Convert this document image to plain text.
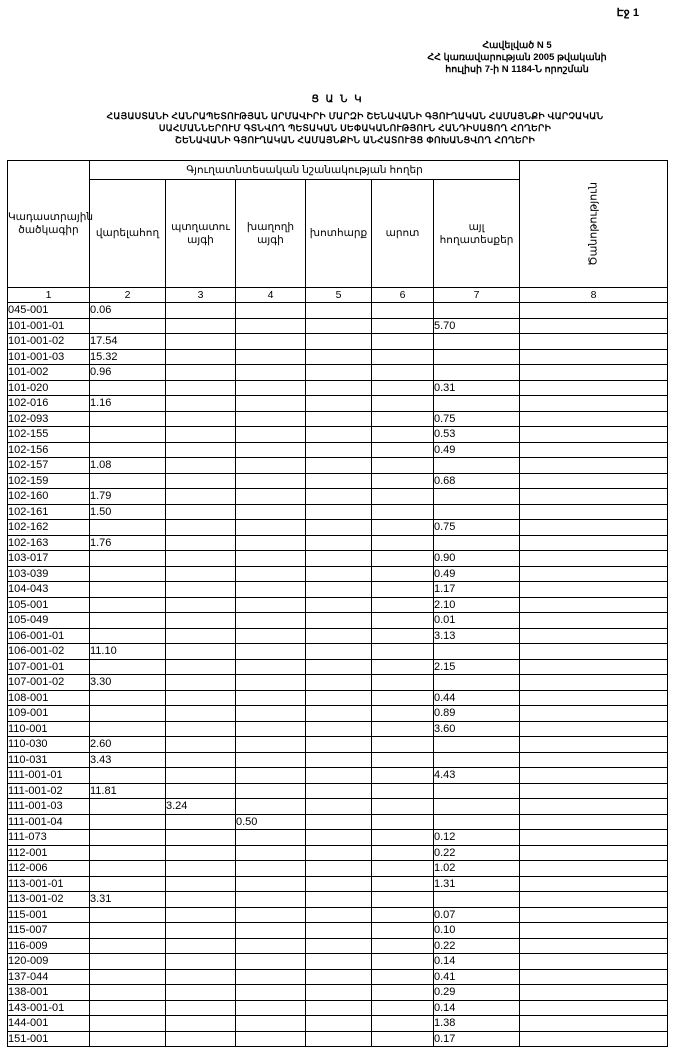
Էջ 1
Հավելված N 5
ՀՀ կառավարության 2005 թվականի
հուլիսի 7-ի N 1184-Ն որոշման
Ց Ա Ն Կ
ՀԱՅԱՍՏԱՆԻ ՀԱՆՐԱՊԵՏՈՒԹՅԱՆ ԱՐՄԱՎԻՐԻ ՄԱՐԶԻ ՇԵՆԱՎԱՆԻ ԳՅՈՒՂԱԿԱՆ ՀԱՄԱՅՆՔԻ ՎԱՐՉԱԿԱՆ
ՍԱՀՄԱՆՆԵՐՈՒՄ ԳՏՆՎՈՂ ՊԵՏԱԿԱՆ ՍԵՓԱԿԱՆՈՒԹՅՈՒՆ ՀԱՆԴԻՍԱՑՈՂ ՀՈՂԵՐԻ
ՇԵՆԱՎԱՆԻ ԳՅՈՒՂԱԿԱՆ ՀԱՄԱՅՆՔԻՆ ԱՆՀԱՏՈՒՅՑ ՓՈԽԱՆՑՎՈՂ ՀՈՂԵՐԻ
Կադաստրային ծածկագիր	Գյուղատնտեսական նշանակության հողեր						Ծանոթություն

	վարելահող	պտղատու այգի	խաղողի այգի	խոտհարք	արոտ	այլ հողատեսքեր	
1	2	3	4	5	6	7	8
045-001	0.06						
101-001-01						5.70	
101-001-02	17.54						
101-001-03	15.32						
101-002	0.96						
101-020						0.31	
102-016	1.16						
102-093						0.75	
102-155						0.53	
102-156						0.49	
102-157	1.08						
102-159						0.68	
102-160	1.79						
102-161	1.50						
102-162						0.75	
102-163	1.76						
103-017						0.90	
103-039						0.49	
104-043						1.17	
105-001						2.10	
105-049						0.01	
106-001-01						3.13	
106-001-02	11.10						
107-001-01						2.15	
107-001-02	3.30						
108-001						0.44	
109-001						0.89	
110-001						3.60	
110-030	2.60						
110-031	3.43						
111-001-01						4.43	
111-001-02	11.81						
111-001-03		3.24					
111-001-04			0.50				
111-073						0.12	
112-001						0.22	
112-006						1.02	
113-001-01						1.31	
113-001-02	3.31						
115-001						0.07	
115-007						0.10	
116-009						0.22	
120-009						0.14	
137-044						0.41	
138-001						0.29	
143-001-01						0.14	
144-001						1.38	
151-001						0.17	
